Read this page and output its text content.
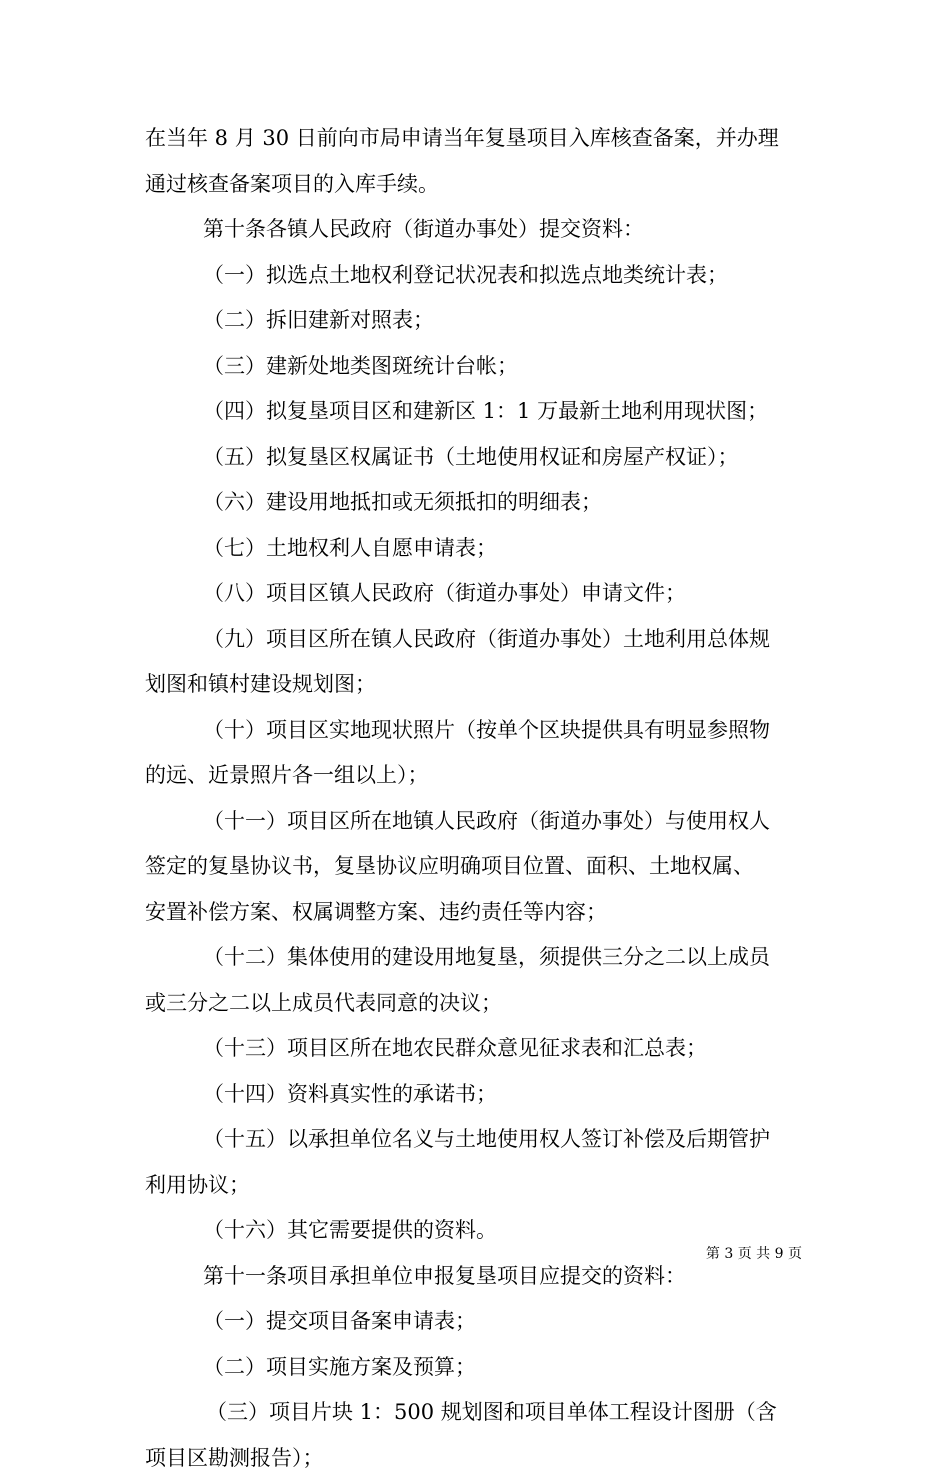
在当年 8 月 30 日前向市局申请当年复垦项目入库核查备案，并办理
通过核查备案项目的入库手续。
第十条各镇人民政府（街道办事处）提交资料：
（一）拟选点土地权利登记状况表和拟选点地类统计表；
（二）拆旧建新对照表；
（三）建新处地类图斑统计台帐；
（四）拟复垦项目区和建新区 1：1 万最新土地利用现状图；
（五）拟复垦区权属证书（土地使用权证和房屋产权证）；
（六）建设用地抵扣或无须抵扣的明细表；
（七）土地权利人自愿申请表；
（八）项目区镇人民政府（街道办事处）申请文件；
（九）项目区所在镇人民政府（街道办事处）土地利用总体规
划图和镇村建设规划图；
（十）项目区实地现状照片（按单个区块提供具有明显参照物
的远、近景照片各一组以上）；
（十一）项目区所在地镇人民政府（街道办事处）与使用权人
签定的复垦协议书，复垦协议应明确项目位置、面积、土地权属、
安置补偿方案、权属调整方案、违约责任等内容；
（十二）集体使用的建设用地复垦，须提供三分之二以上成员
或三分之二以上成员代表同意的决议；
（十三）项目区所在地农民群众意见征求表和汇总表；
（十四）资料真实性的承诺书；
（十五）以承担单位名义与土地使用权人签订补偿及后期管护
利用协议；
（十六）其它需要提供的资料。
第十一条项目承担单位申报复垦项目应提交的资料：
（一）提交项目备案申请表；
（二）项目实施方案及预算；
（三）项目片块 1：500 规划图和项目单体工程设计图册（含
项目区勘测报告）；
第 3 页 共 9 页
